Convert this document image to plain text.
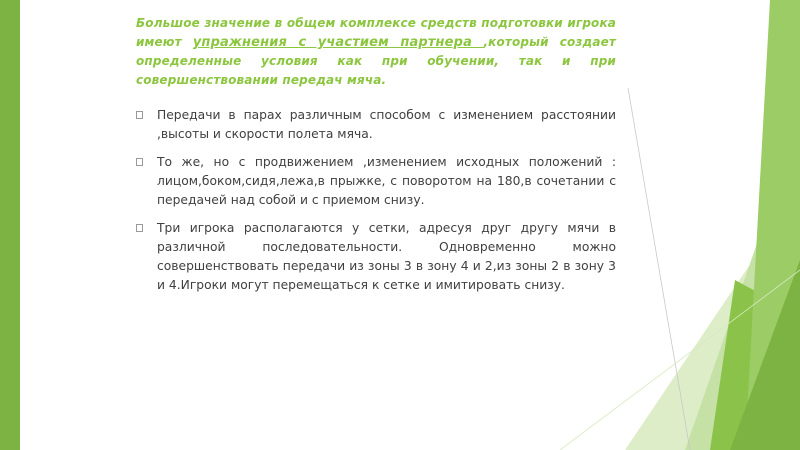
Большое значение в общем комплексе средств подготовки игрока имеют упражнения с участием партнера ,который создает определенные условия как при обучении, так и при совершенствовании передач мяча.

Передачи в парах различным способом с изменением расстоянии ,высоты и скорости полета мяча.
То же, но с продвижением ,изменением исходных положений : лицом,боком,сидя,лежа,в прыжке, с поворотом на 180,в сочетании с передачей над собой и с приемом снизу.
Три игрока располагаются у сетки, адресуя друг другу мячи в различной последовательности. Одновременно можно совершенствовать передачи из зоны 3 в зону 4 и 2,из зоны 2 в зону 3 и 4.Игроки могут перемещаться к сетке и имитировать снизу.
